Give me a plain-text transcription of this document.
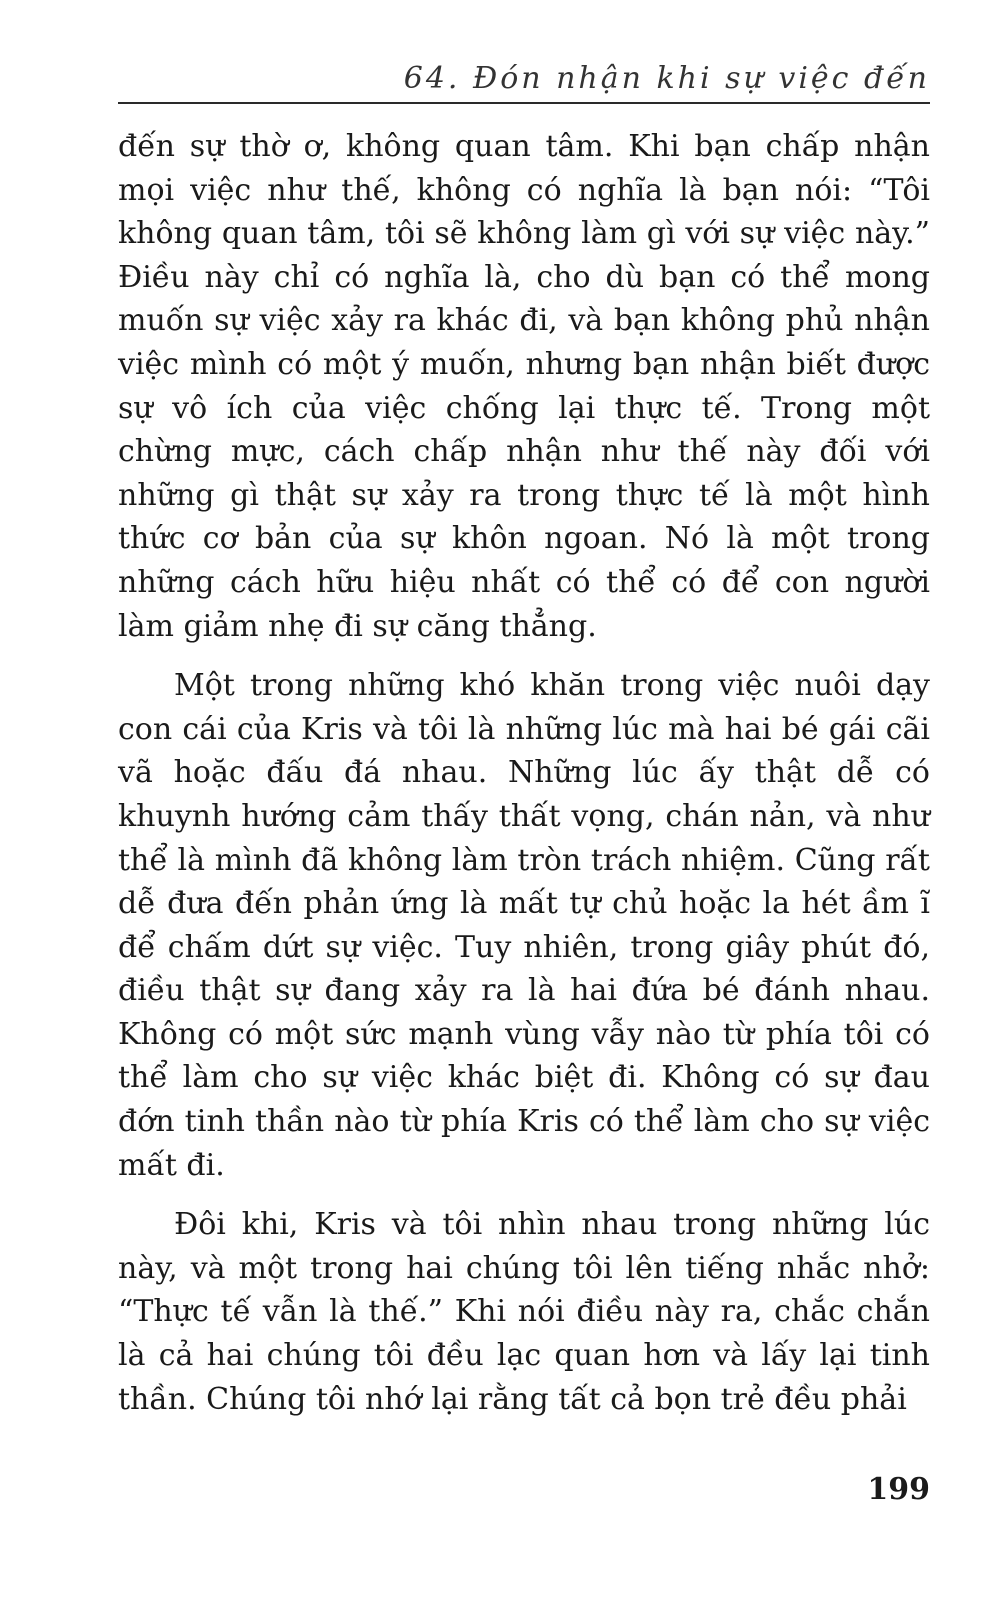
64. Đón nhận khi sự việc đến

đến sự thờ ơ, không quan tâm. Khi bạn chấp nhận mọi việc như thế, không có nghĩa là bạn nói: “Tôi không quan tâm, tôi sẽ không làm gì với sự việc này.” Điều này chỉ có nghĩa là, cho dù bạn có thể mong muốn sự việc xảy ra khác đi, và bạn không phủ nhận việc mình có một ý muốn, nhưng bạn nhận biết được sự vô ích của việc chống lại thực tế. Trong một chừng mực, cách chấp nhận như thế này đối với những gì thật sự xảy ra trong thực tế là một hình thức cơ bản của sự khôn ngoan. Nó là một trong những cách hữu hiệu nhất có thể có để con người làm giảm nhẹ đi sự căng thẳng.

Một trong những khó khăn trong việc nuôi dạy con cái của Kris và tôi là những lúc mà hai bé gái cãi vã hoặc đấu đá nhau. Những lúc ấy thật dễ có khuynh hướng cảm thấy thất vọng, chán nản, và như thể là mình đã không làm tròn trách nhiệm. Cũng rất dễ đưa đến phản ứng là mất tự chủ hoặc la hét ầm ĩ để chấm dứt sự việc. Tuy nhiên, trong giây phút đó, điều thật sự đang xảy ra là hai đứa bé đánh nhau. Không có một sức mạnh vùng vẫy nào từ phía tôi có thể làm cho sự việc khác biệt đi. Không có sự đau đớn tinh thần nào từ phía Kris có thể làm cho sự việc mất đi.

Đôi khi, Kris và tôi nhìn nhau trong những lúc này, và một trong hai chúng tôi lên tiếng nhắc nhở: “Thực tế vẫn là thế.” Khi nói điều này ra, chắc chắn là cả hai chúng tôi đều lạc quan hơn và lấy lại tinh thần. Chúng tôi nhớ lại rằng tất cả bọn trẻ đều phải

199
